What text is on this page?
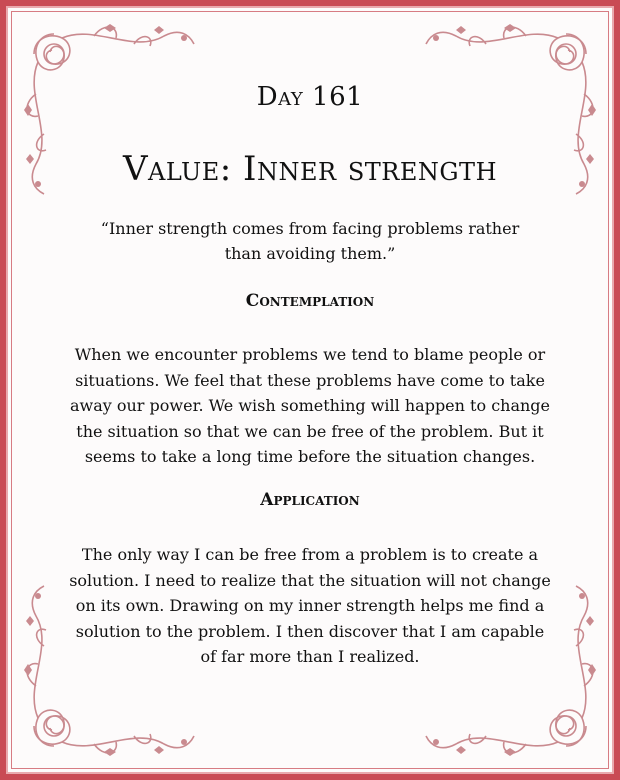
Day 161
Value: Inner strength
“Inner strength comes from facing problems rather than avoiding them.”
Contemplation
When we encounter problems we tend to blame people or situations. We feel that these problems have come to take away our power. We wish something will happen to change the situation so that we can be free of the problem. But it seems to take a long time before the situation changes.
Application
The only way I can be free from a problem is to create a solution. I need to realize that the situation will not change on its own. Drawing on my inner strength helps me find a solution to the problem. I then discover that I am capable of far more than I realized.
